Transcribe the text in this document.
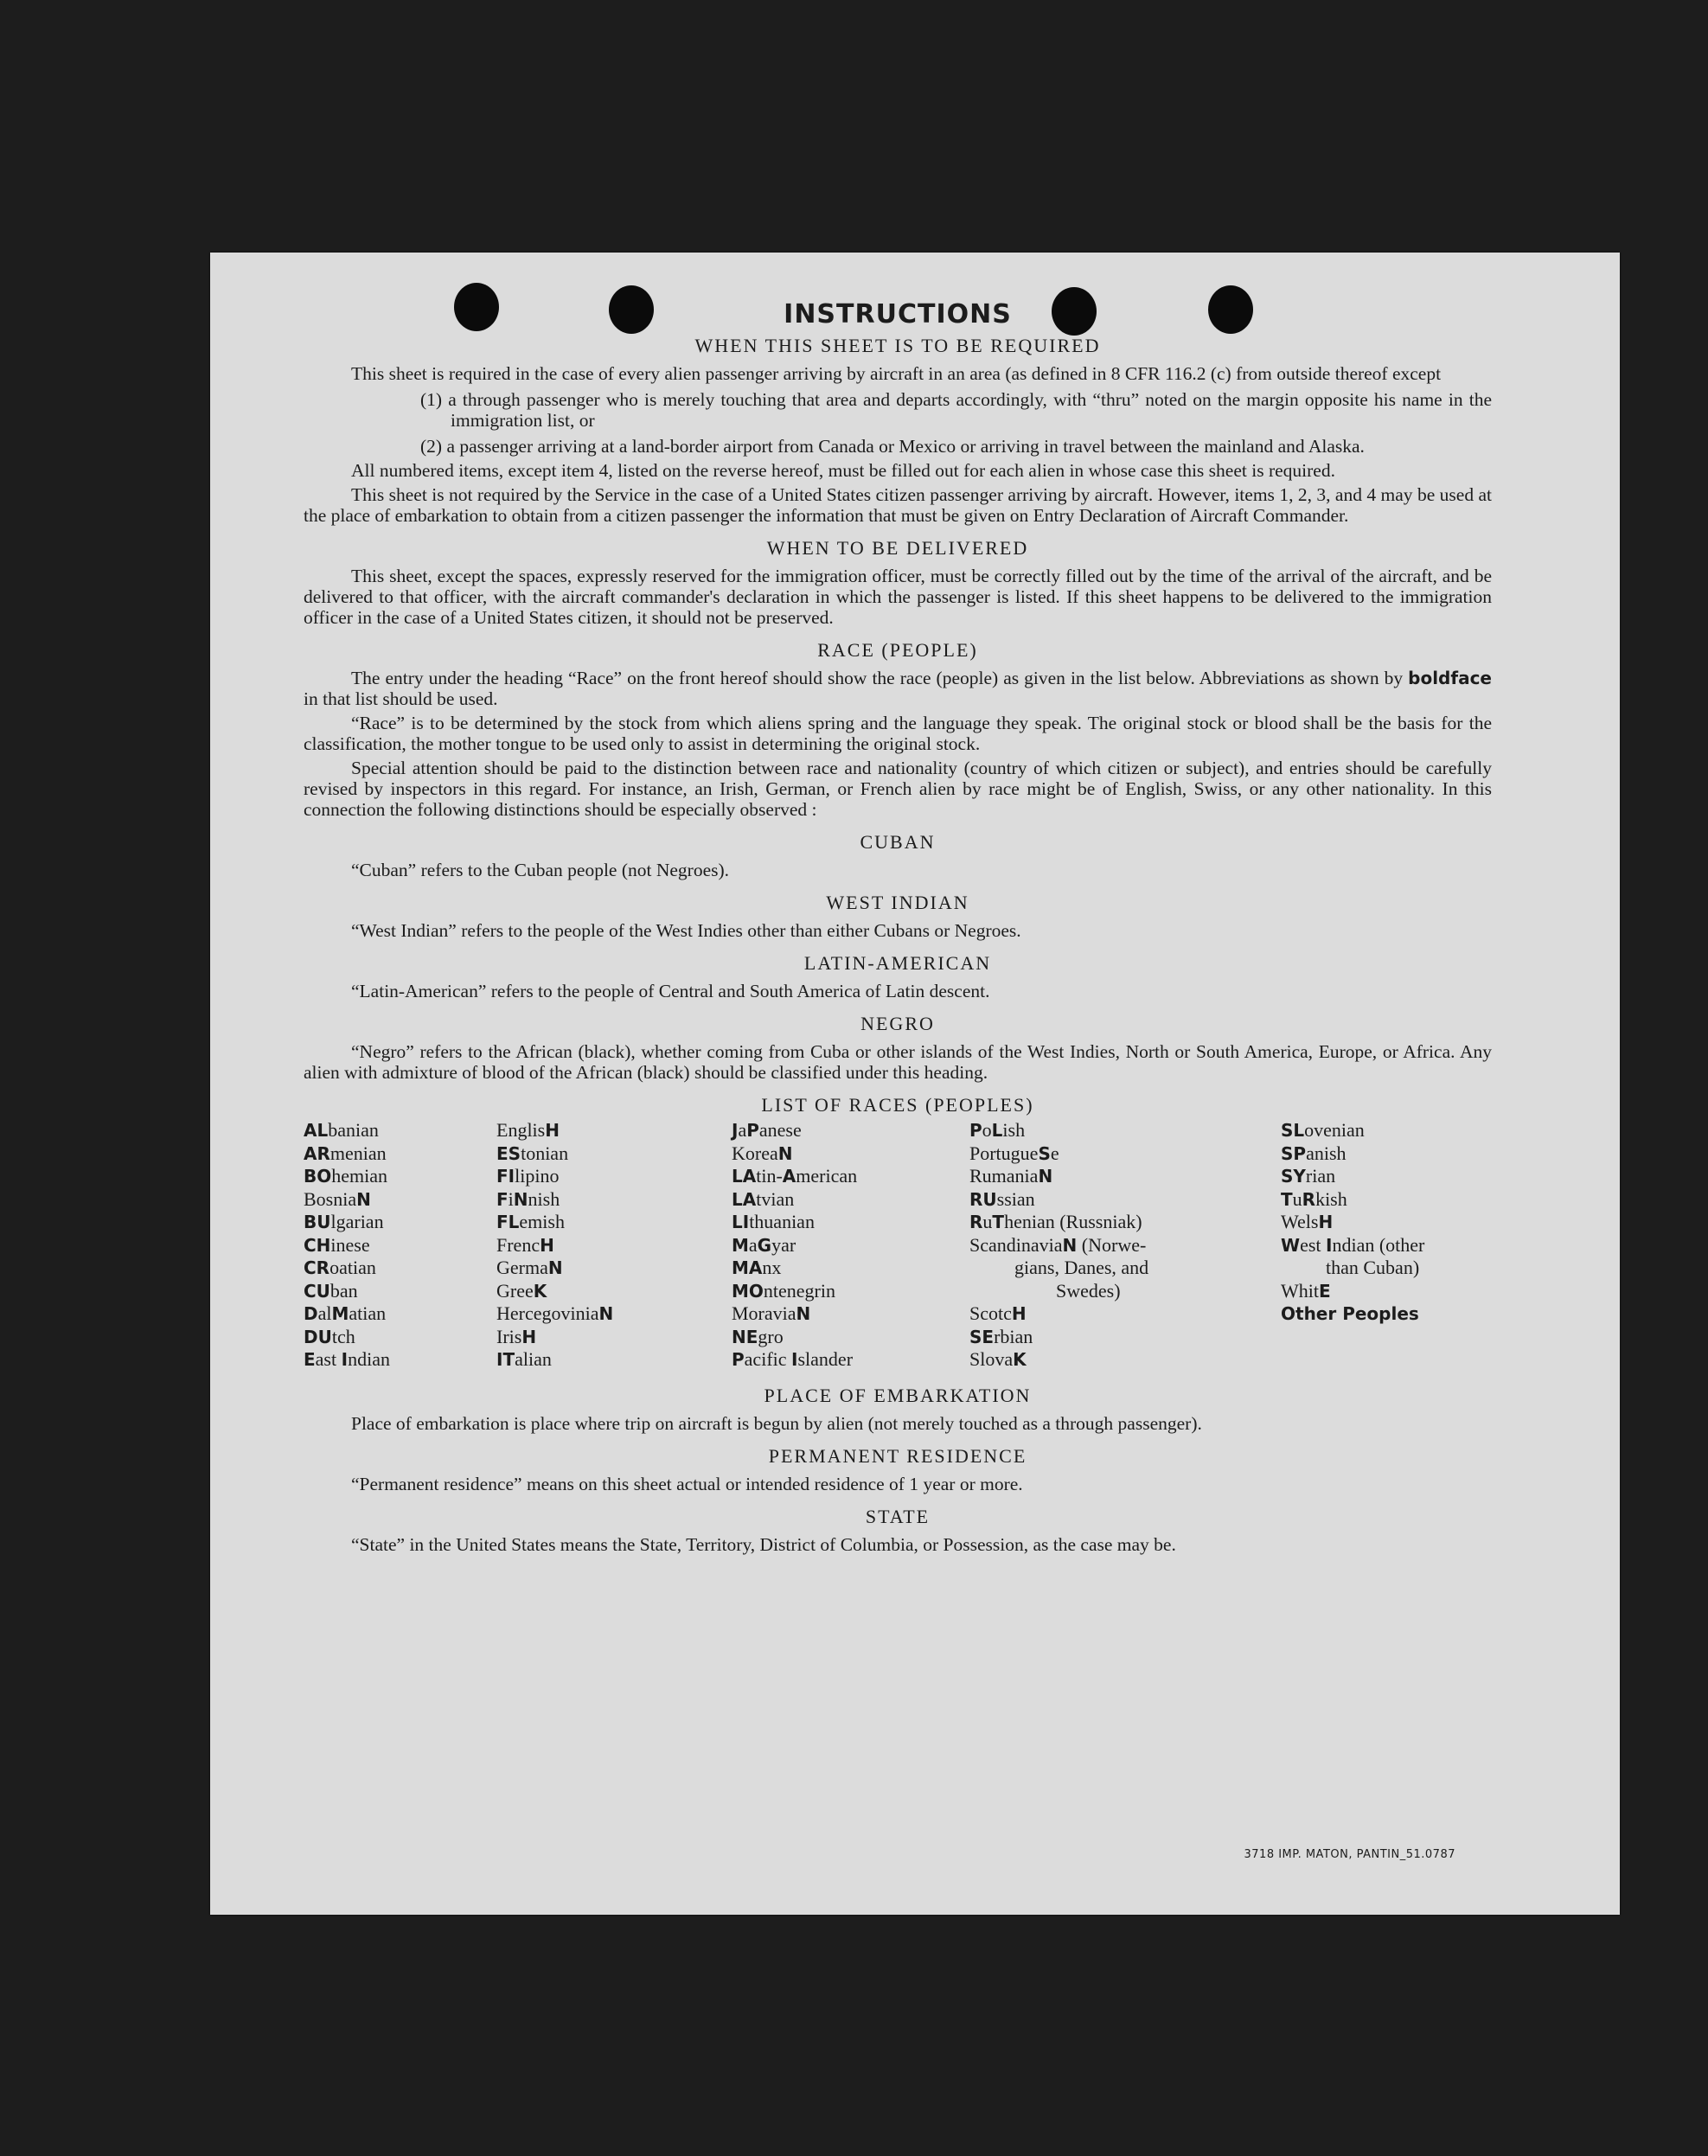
INSTRUCTIONS
WHEN THIS SHEET IS TO BE REQUIRED

This sheet is required in the case of every alien passenger arriving by aircraft in an area (as defined in 8 CFR 116.2 (c) from outside thereof except

(1) a through passenger who is merely touching that area and departs accordingly, with “thru” noted on the margin opposite his name in the immigration list, or

(2) a passenger arriving at a land-border airport from Canada or Mexico or arriving in travel between the mainland and Alaska.

All numbered items, except item 4, listed on the reverse hereof, must be filled out for each alien in whose case this sheet is required.

This sheet is not required by the Service in the case of a United States citizen passenger arriving by aircraft. However, items 1, 2, 3, and 4 may be used at the place of embarkation to obtain from a citizen passenger the information that must be given on Entry Declaration of Aircraft Commander.

WHEN TO BE DELIVERED

This sheet, except the spaces, expressly reserved for the immigration officer, must be correctly filled out by the time of the arrival of the aircraft, and be delivered to that officer, with the aircraft commander's declaration in which the passenger is listed. If this sheet happens to be delivered to the immigration officer in the case of a United States citizen, it should not be preserved.

RACE (PEOPLE)

The entry under the heading “Race” on the front hereof should show the race (people) as given in the list below. Abbreviations as shown by boldface in that list should be used.

“Race” is to be determined by the stock from which aliens spring and the language they speak. The original stock or blood shall be the basis for the classification, the mother tongue to be used only to assist in determining the original stock.

Special attention should be paid to the distinction between race and nationality (country of which citizen or subject), and entries should be carefully revised by inspectors in this regard. For instance, an Irish, German, or French alien by race might be of English, Swiss, or any other nationality. In this connection the following distinctions should be especially observed :

CUBAN

“Cuban” refers to the Cuban people (not Negroes).

WEST INDIAN

“West Indian” refers to the people of the West Indies other than either Cubans or Negroes.

LATIN-AMERICAN

“Latin-American” refers to the people of Central and South America of Latin descent.

NEGRO

“Negro” refers to the African (black), whether coming from Cuba or other islands of the West Indies, North or South America, Europe, or Africa. Any alien with admixture of blood of the African (black) should be classified under this heading.

LIST OF RACES (PEOPLES)
ALbanian
ARmenian
BOhemian
BosniaN
BUlgarian
CHinese
CRoatian
CUban
DalMatian
DUtch
East Indian
EnglisH
EStonian
FIlipino
FiNnish
FLemish
FrencH
GermaN
GreeK
HercegoviniaN
IrisH
ITalian
JaPanese
KoreaN
LAtin-American
LAtvian
LIthuanian
MaGyar
MAnx
MOntenegrin
MoraviaN
NEgro
Pacific Islander
PoLish
PortugueSe
RumaniaN
RUssian
RuThenian (Russniak)
ScandinaviaN (Norwe-
gians, Danes, and
Swedes)
ScotcH
SErbian
SlovaK
SLovenian
SPanish
SYrian
TuRkish
WelsH
West Indian (other
than Cuban)
WhitE
Other Peoples
PLACE OF EMBARKATION

Place of embarkation is place where trip on aircraft is begun by alien (not merely touched as a through passenger).

PERMANENT RESIDENCE

“Permanent residence” means on this sheet actual or intended residence of 1 year or more.

STATE

“State” in the United States means the State, Territory, District of Columbia, or Possession, as the case may be.

3718 IMP. MATON, PANTIN_51.0787
